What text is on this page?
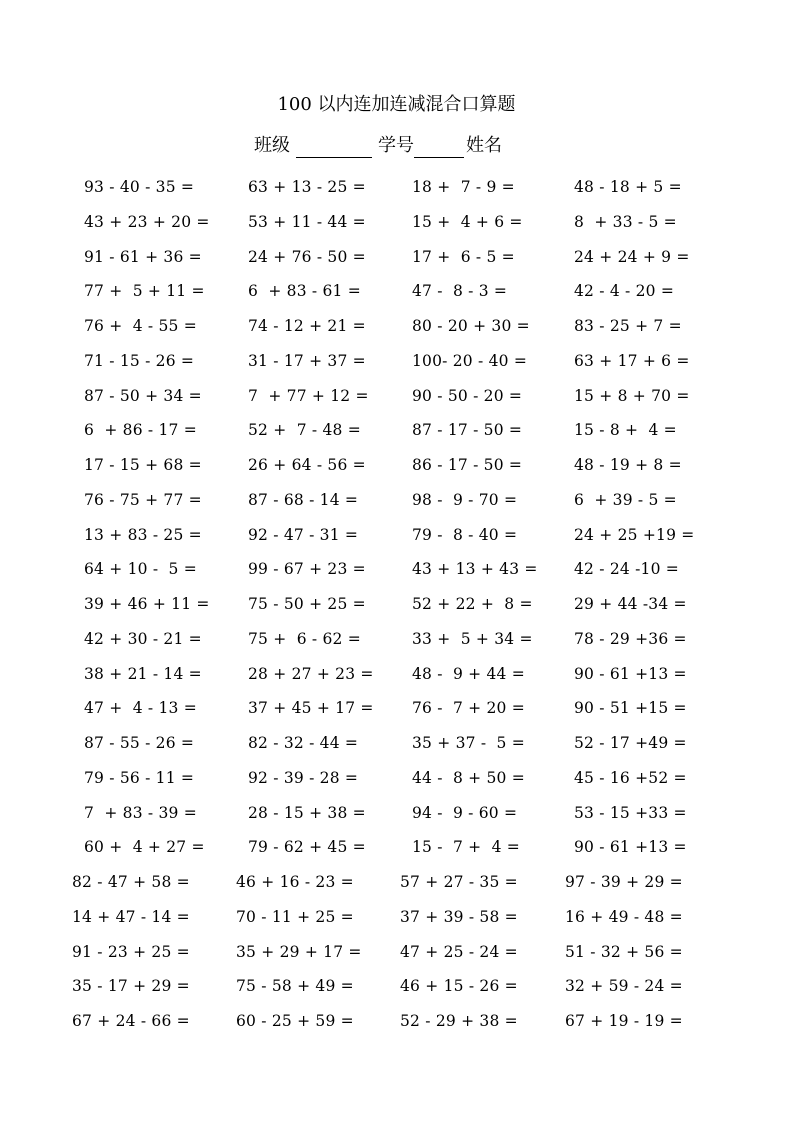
100 以内连加连减混合口算题
班级	学号	姓名
93 - 40 - 35 =	63 + 13 - 25 =	18 +  7 - 9 =	48 - 18 + 5 =
43 + 23 + 20 = 53 + 11 - 44 =	15 +  4 + 6 =	8  + 33 - 5 =
91 - 61 + 36 =	24 + 76 - 50 =	17 +  6 - 5 =	24 + 24 + 9 =
77 +  5 + 11 =	6  + 83 - 61 =	47 -  8 - 3 =	42 - 4 - 20 =
76 +  4 - 55 =	74 - 12 + 21 =	80 - 20 + 30 =	83 - 25 + 7 =
71 - 15 - 26 =	31 - 17 + 37 =	100- 20 - 40 =	63 + 17 + 6 =
87 - 50 + 34 =	7  + 77 + 12 =	90 - 50 - 20 =	15 + 8 + 70 =
6  + 86 - 17 =	52 +  7 - 48 =	87 - 17 - 50 =	15 - 8 +  4 =
17 - 15 + 68 =	26 + 64 - 56 =	86 - 17 - 50 =	48 - 19 + 8 =
76 - 75 + 77 =	87 - 68 - 14 =	98 -  9 - 70 =	6  + 39 - 5 =
13 + 83 - 25 =	92 - 47 - 31 =	79 -  8 - 40 =	24 + 25 +19 =
64 + 10 -  5 =	99 - 67 + 23 =	43 + 13 + 43 = 42 - 24 -10 =
39 + 46 + 11 = 75 - 50 + 25 =	52 + 22 +  8 =	29 + 44 -34 =
42 + 30 - 21 =	75 +  6 - 62 =	33 +  5 + 34 =	78 - 29 +36 =
38 + 21 - 14 =	28 + 27 + 23 = 48 -  9 + 44 =	90 - 61 +13 =
47 +  4 - 13 =	37 + 45 + 17 = 76 -  7 + 20 =	90 - 51 +15 =
87 - 55 - 26 =	82 - 32 - 44 =	35 + 37 -  5 =	52 - 17 +49 =
79 - 56 - 11 =	92 - 39 - 28 =	44 -  8 + 50 =	45 - 16 +52 =
7  + 83 - 39 =	28 - 15 + 38 =	94 -  9 - 60 =	53 - 15 +33 =
60 +  4 + 27 =	79 - 62 + 45 =	15 -  7 +  4 =	90 - 61 +13 =
82 - 47 + 58 =	46 + 16 - 23 =	57 + 27 - 35 =	97 - 39 + 29 =
14 + 47 - 14 =	70 - 11 + 25 =	37 + 39 - 58 =	16 + 49 - 48 =
91 - 23 + 25 =	35 + 29 + 17 = 47 + 25 - 24 =	51 - 32 + 56 =
35 - 17 + 29 =	75 - 58 + 49 =	46 + 15 - 26 =	32 + 59 - 24 =
67 + 24 - 66 =	60 - 25 + 59 =	52 - 29 + 38 =	67 + 19 - 19 =
